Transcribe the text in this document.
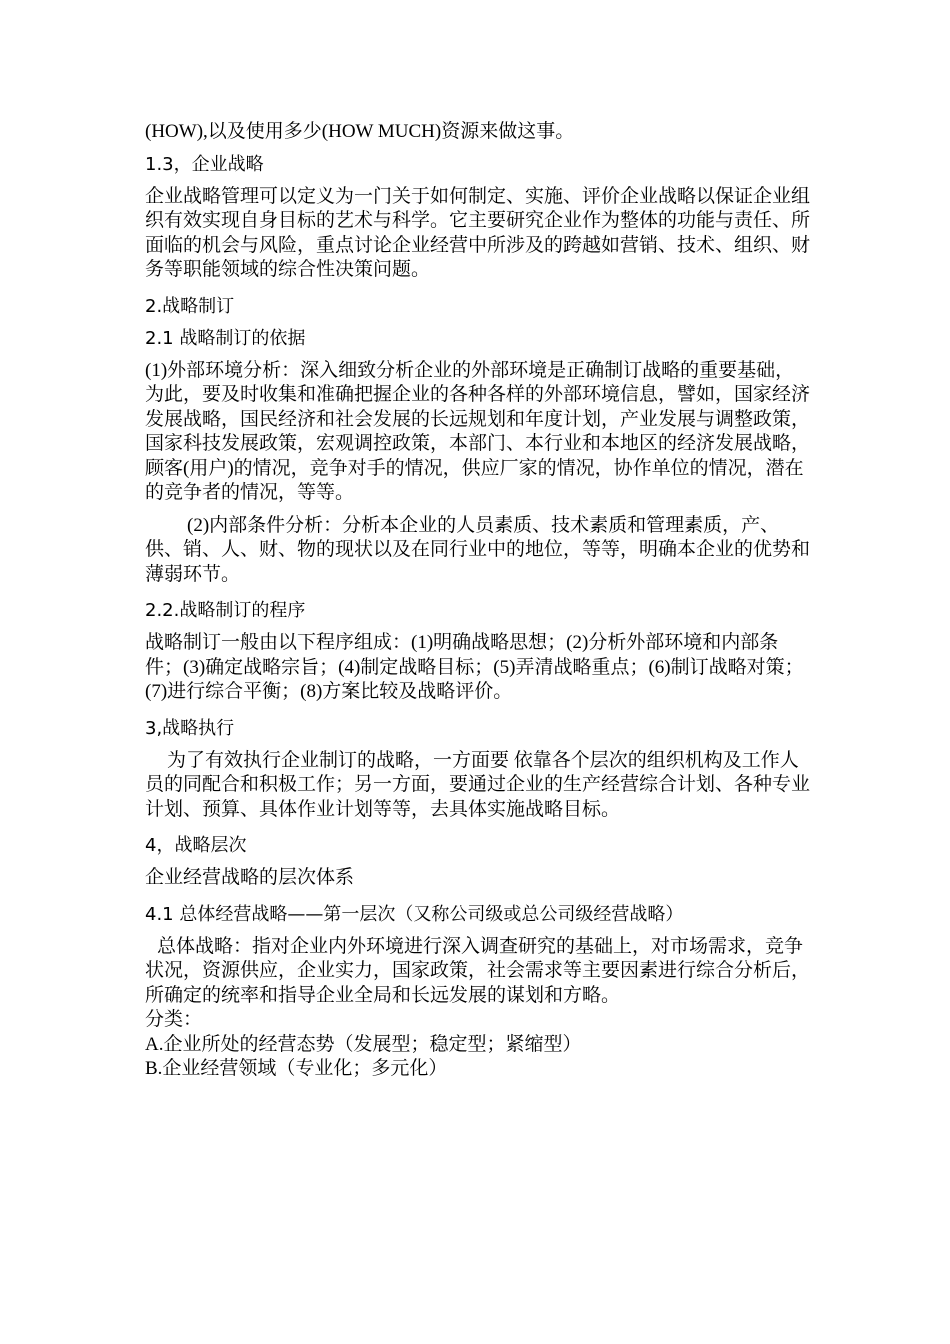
(HOW),以及使用多少(HOW MUCH)资源来做这事。

1.3，企业战略

企业战略管理可以定义为一门关于如何制定、实施、评价企业战略以保证企业组织有效实现自身目标的艺术与科学。它主要研究企业作为整体的功能与责任、所面临的机会与风险，重点讨论企业经营中所涉及的跨越如营销、技术、组织、财务等职能领域的综合性决策问题。

2.战略制订
2.1 战略制订的依据

(1)外部环境分析：深入细致分析企业的外部环境是正确制订战略的重要基础，为此，要及时收集和准确把握企业的各种各样的外部环境信息，譬如，国家经济发展战略，国民经济和社会发展的长远规划和年度计划，产业发展与调整政策，国家科技发展政策，宏观调控政策，本部门、本行业和本地区的经济发展战略，顾客(用户)的情况，竞争对手的情况，供应厂家的情况，协作单位的情况，潜在的竞争者的情况，等等。

(2)内部条件分析：分析本企业的人员素质、技术素质和管理素质，产、供、销、人、财、物的现状以及在同行业中的地位，等等，明确本企业的优势和薄弱环节。

2.2.战略制订的程序

战略制订一般由以下程序组成：(1)明确战略思想；(2)分析外部环境和内部条件；(3)确定战略宗旨；(4)制定战略目标；(5)弄清战略重点；(6)制订战略对策；(7)进行综合平衡；(8)方案比较及战略评价。

3,战略执行

为了有效执行企业制订的战略，一方面要 依靠各个层次的组织机构及工作人员的同配合和积极工作；另一方面，要通过企业的生产经营综合计划、各种专业计划、预算、具体作业计划等等，去具体实施战略目标。

4，战略层次

企业经营战略的层次体系

4.1 总体经营战略——第一层次（又称公司级或总公司级经营战略）

总体战略：指对企业内外环境进行深入调查研究的基础上，对市场需求，竞争状况，资源供应，企业实力，国家政策，社会需求等主要因素进行综合分析后，所确定的统率和指导企业全局和长远发展的谋划和方略。

分类：

A.企业所处的经营态势（发展型；稳定型；紧缩型）

B.企业经营领域（专业化；多元化）
